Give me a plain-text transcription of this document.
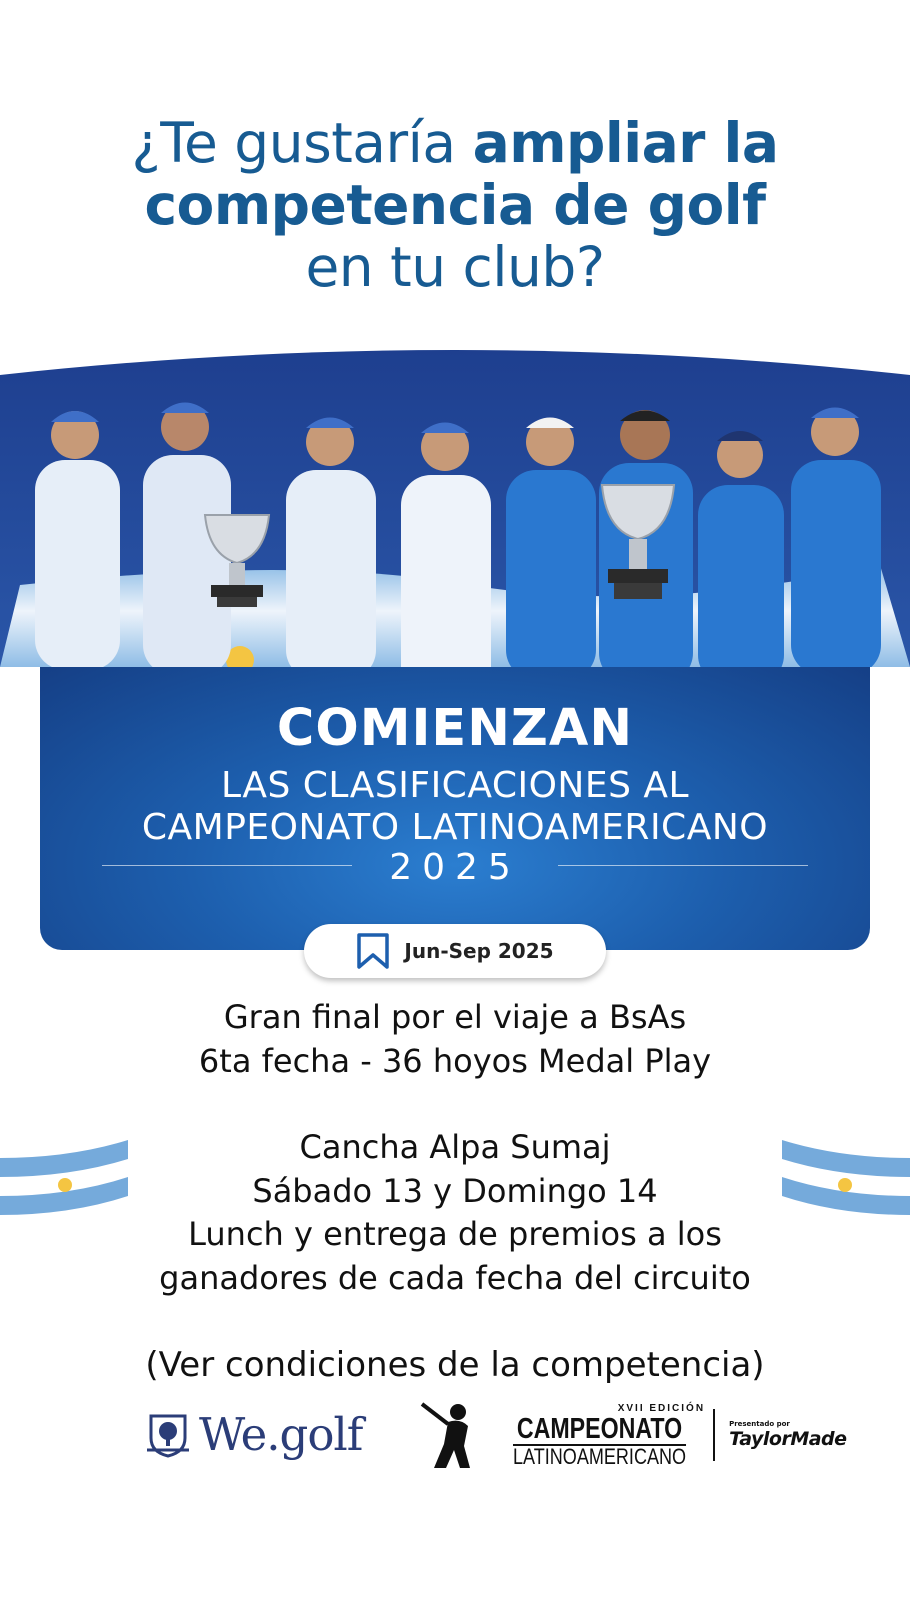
¿Te gustaría ampliar la
competencia de golf
en tu club?
COMIENZAN
LAS CLASIFICACIONES AL
CAMPEONATO LATINOAMERICANO
2025
Jun-Sep 2025
Gran final por el viaje a BsAs
6ta fecha - 36 hoyos Medal Play
Cancha Alpa Sumaj
Sábado 13 y Domingo 14
Lunch y entrega de premios a los
ganadores de cada fecha del circuito
(Ver condiciones de la competencia)
We.golf	XVII EDICIÓN
CAMPEONATO
LATINOAMERICANO
Presentado por
TaylorMade
